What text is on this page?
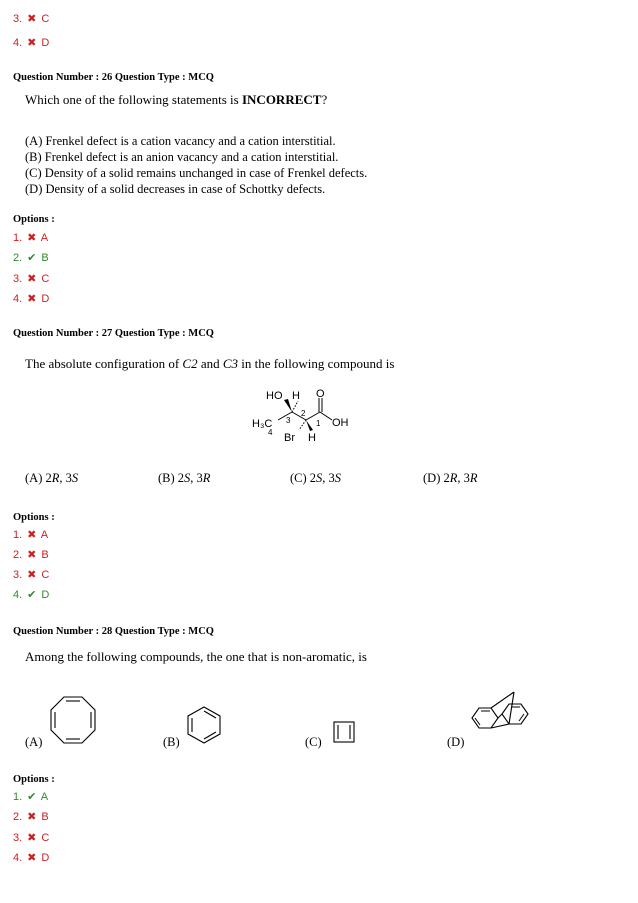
3. ✖ C
4. ✖ D
Question Number : 26 Question Type : MCQ
Which one of the following statements is INCORRECT?
(A) Frenkel defect is a cation vacancy and a cation interstitial.
(B) Frenkel defect is an anion vacancy and a cation interstitial.
(C) Density of a solid remains unchanged in case of Frenkel defects.
(D) Density of a solid decreases in case of Schottky defects.
Options :
1. ✖ A
2. ✔ B
3. ✖ C
4. ✖ D
Question Number : 27 Question Type : MCQ
The absolute configuration of C2 and C3 in the following compound is
HO H O
H₃C	OH
Br H
1
2
3
4
(A) 2R, 3S	(B) 2S, 3R	(C) 2S, 3S	(D) 2R, 3R
Options :
1. ✖ A
2. ✖ B
3. ✖ C
4. ✔ D
Question Number : 28 Question Type : MCQ
Among the following compounds, the one that is non-aromatic, is
(A)	(B)	(C)	(D)
Options :
1. ✔ A
2. ✖ B
3. ✖ C
4. ✖ D
